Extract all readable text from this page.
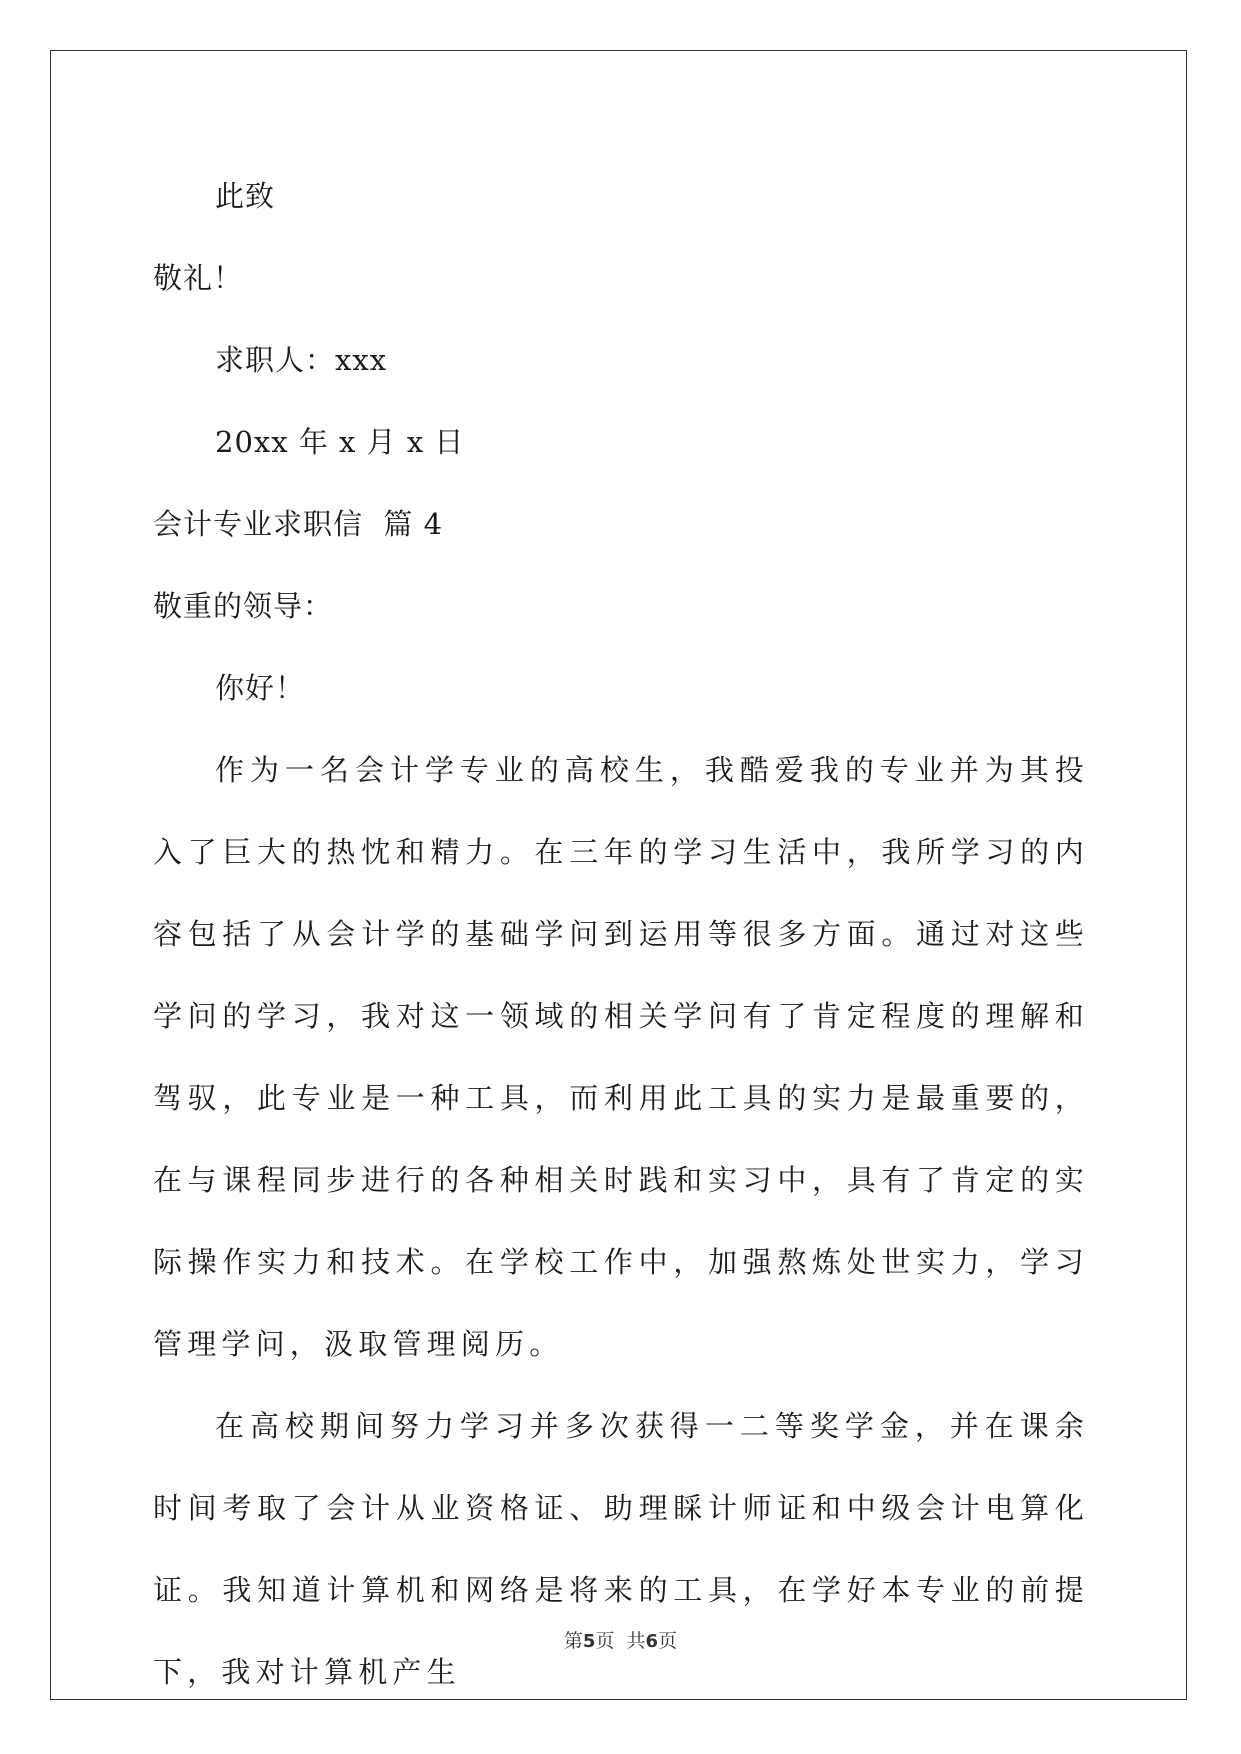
此致
敬礼！
求职人：xxx
20xx 年 x 月 x 日
会计专业求职信  篇 4
敬重的领导：
你好！
作为一名会计学专业的高校生，我酷爱我的专业并为其投入了巨大的热忱和精力。在三年的学习生活中，我所学习的内容包括了从会计学的基础学问到运用等很多方面。通过对这些学问的学习，我对这一领域的相关学问有了肯定程度的理解和驾驭，此专业是一种工具，而利用此工具的实力是最重要的，在与课程同步进行的各种相关时践和实习中，具有了肯定的实际操作实力和技术。在学校工作中，加强熬炼处世实力，学习管理学问，汲取管理阅历。
在高校期间努力学习并多次获得一二等奖学金，并在课余时间考取了会计从业资格证、助理睬计师证和中级会计电算化证。我知道计算机和网络是将来的工具，在学好本专业的前提下，我对计算机产生
第5页  共6页
